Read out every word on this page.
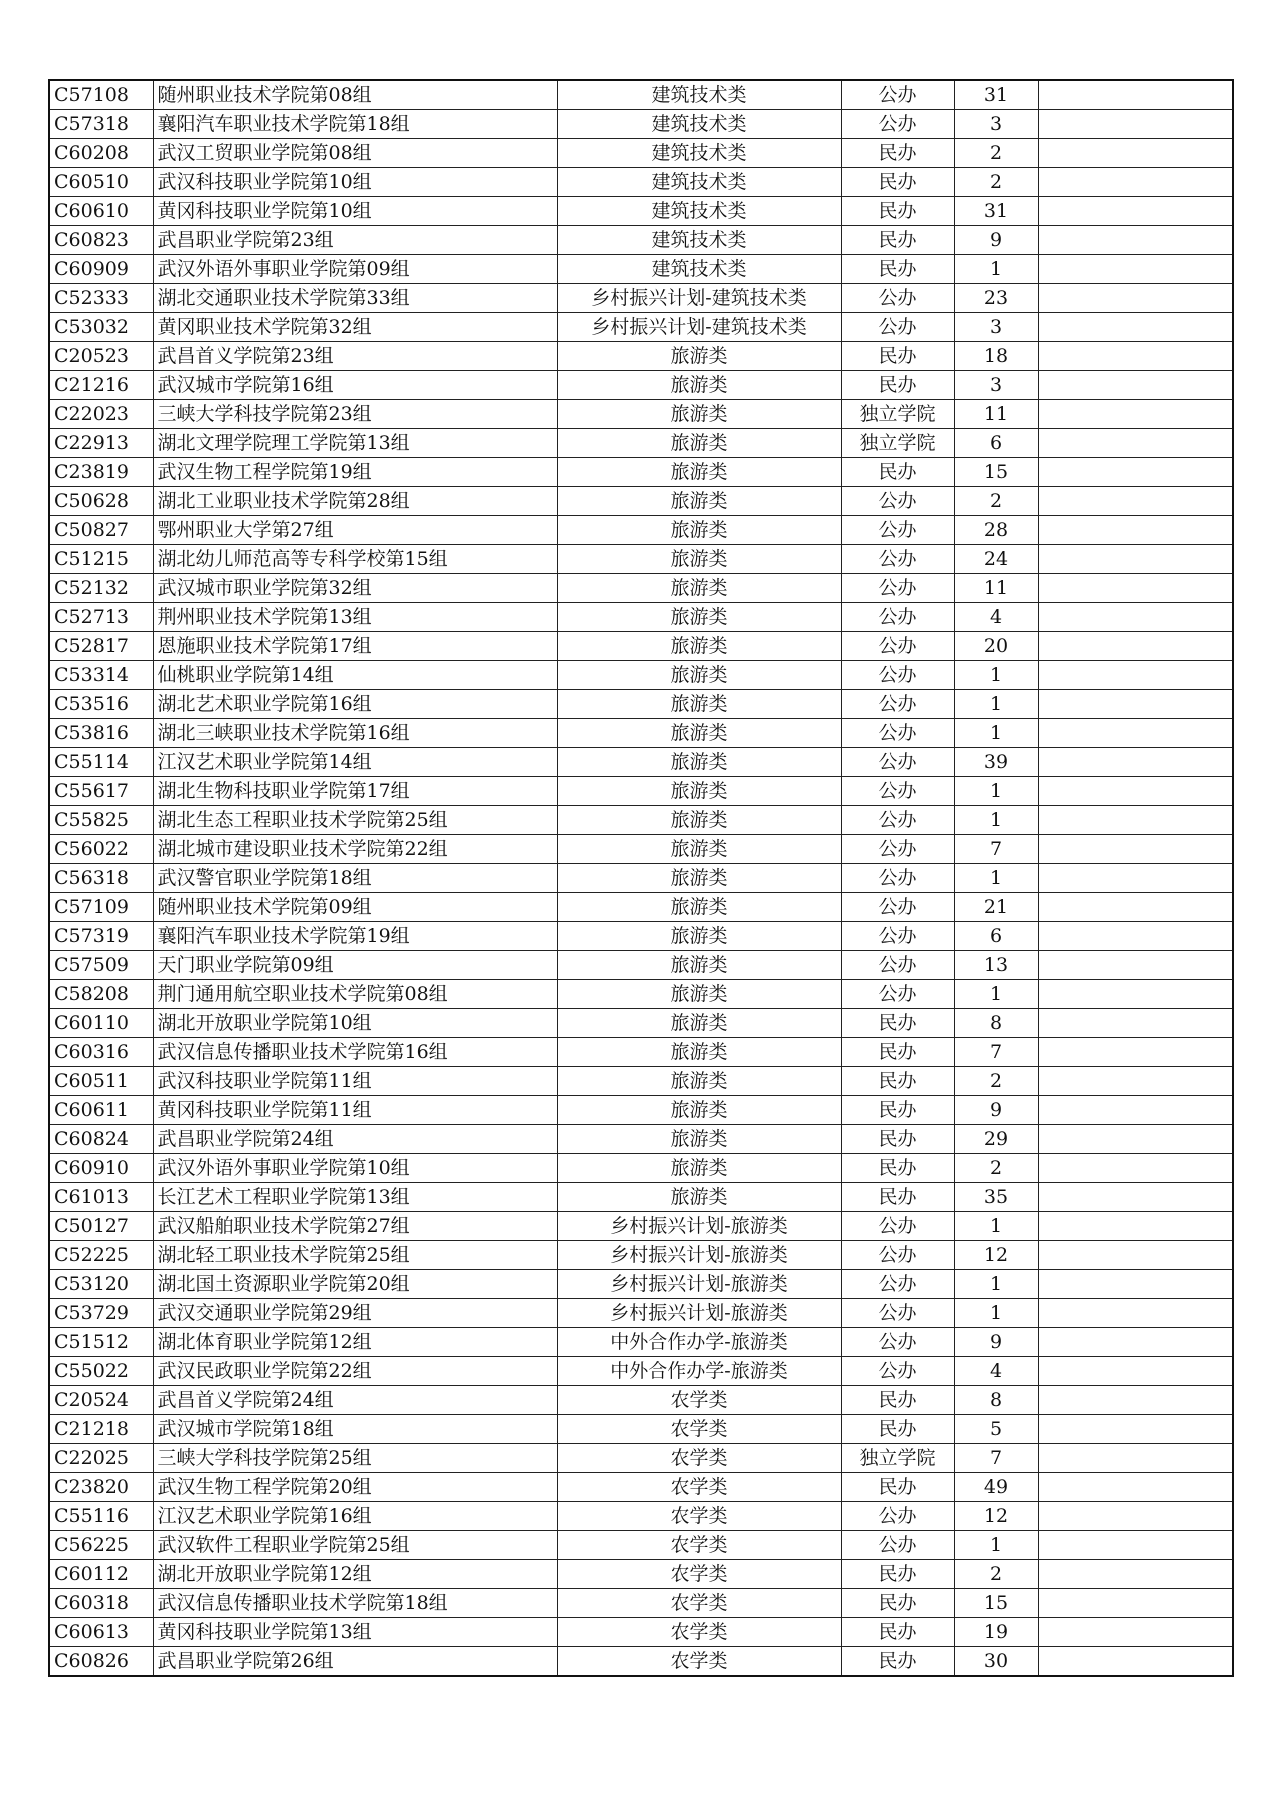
C57108	随州职业技术学院第08组	建筑技术类	公办	31	
C57318	襄阳汽车职业技术学院第18组	建筑技术类	公办	3	
C60208	武汉工贸职业学院第08组	建筑技术类	民办	2	
C60510	武汉科技职业学院第10组	建筑技术类	民办	2	
C60610	黄冈科技职业学院第10组	建筑技术类	民办	31	
C60823	武昌职业学院第23组	建筑技术类	民办	9	
C60909	武汉外语外事职业学院第09组	建筑技术类	民办	1	
C52333	湖北交通职业技术学院第33组	乡村振兴计划-建筑技术类	公办	23	
C53032	黄冈职业技术学院第32组	乡村振兴计划-建筑技术类	公办	3	
C20523	武昌首义学院第23组	旅游类	民办	18	
C21216	武汉城市学院第16组	旅游类	民办	3	
C22023	三峡大学科技学院第23组	旅游类	独立学院	11	
C22913	湖北文理学院理工学院第13组	旅游类	独立学院	6	
C23819	武汉生物工程学院第19组	旅游类	民办	15	
C50628	湖北工业职业技术学院第28组	旅游类	公办	2	
C50827	鄂州职业大学第27组	旅游类	公办	28	
C51215	湖北幼儿师范高等专科学校第15组	旅游类	公办	24	
C52132	武汉城市职业学院第32组	旅游类	公办	11	
C52713	荆州职业技术学院第13组	旅游类	公办	4	
C52817	恩施职业技术学院第17组	旅游类	公办	20	
C53314	仙桃职业学院第14组	旅游类	公办	1	
C53516	湖北艺术职业学院第16组	旅游类	公办	1	
C53816	湖北三峡职业技术学院第16组	旅游类	公办	1	
C55114	江汉艺术职业学院第14组	旅游类	公办	39	
C55617	湖北生物科技职业学院第17组	旅游类	公办	1	
C55825	湖北生态工程职业技术学院第25组	旅游类	公办	1	
C56022	湖北城市建设职业技术学院第22组	旅游类	公办	7	
C56318	武汉警官职业学院第18组	旅游类	公办	1	
C57109	随州职业技术学院第09组	旅游类	公办	21	
C57319	襄阳汽车职业技术学院第19组	旅游类	公办	6	
C57509	天门职业学院第09组	旅游类	公办	13	
C58208	荆门通用航空职业技术学院第08组	旅游类	公办	1	
C60110	湖北开放职业学院第10组	旅游类	民办	8	
C60316	武汉信息传播职业技术学院第16组	旅游类	民办	7	
C60511	武汉科技职业学院第11组	旅游类	民办	2	
C60611	黄冈科技职业学院第11组	旅游类	民办	9	
C60824	武昌职业学院第24组	旅游类	民办	29	
C60910	武汉外语外事职业学院第10组	旅游类	民办	2	
C61013	长江艺术工程职业学院第13组	旅游类	民办	35	
C50127	武汉船舶职业技术学院第27组	乡村振兴计划-旅游类	公办	1	
C52225	湖北轻工职业技术学院第25组	乡村振兴计划-旅游类	公办	12	
C53120	湖北国土资源职业学院第20组	乡村振兴计划-旅游类	公办	1	
C53729	武汉交通职业学院第29组	乡村振兴计划-旅游类	公办	1	
C51512	湖北体育职业学院第12组	中外合作办学-旅游类	公办	9	
C55022	武汉民政职业学院第22组	中外合作办学-旅游类	公办	4	
C20524	武昌首义学院第24组	农学类	民办	8	
C21218	武汉城市学院第18组	农学类	民办	5	
C22025	三峡大学科技学院第25组	农学类	独立学院	7	
C23820	武汉生物工程学院第20组	农学类	民办	49	
C55116	江汉艺术职业学院第16组	农学类	公办	12	
C56225	武汉软件工程职业学院第25组	农学类	公办	1	
C60112	湖北开放职业学院第12组	农学类	民办	2	
C60318	武汉信息传播职业技术学院第18组	农学类	民办	15	
C60613	黄冈科技职业学院第13组	农学类	民办	19	
C60826	武昌职业学院第26组	农学类	民办	30	
